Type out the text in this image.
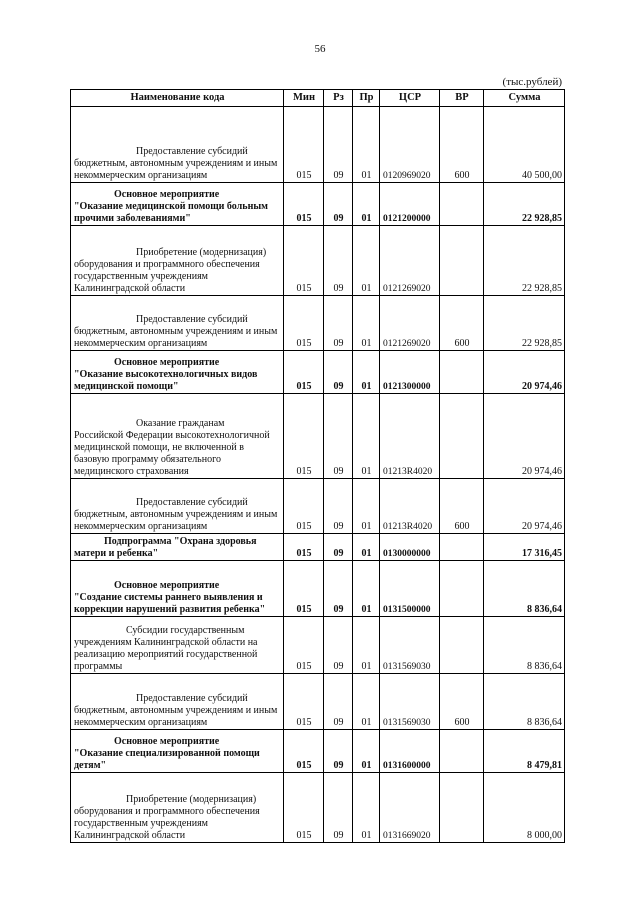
56
(тыс.рублей)
Наименование кода	Мин	Рз	Пр	ЦСР	ВР	Сумма

Предоставление субсидий
бюджетным, автономным учреждениям и иным некоммерческим организациям	015	09	01	0120969020	600	40 500,00

Основное мероприятие
"Оказание медицинской помощи больным прочими заболеваниями"	015	09	01	0121200000		22 928,85

Приобретение (модернизация)
оборудования и программного обеспечения государственным учреждениям Калининградской области	015	09	01	0121269020		22 928,85

Предоставление субсидий
бюджетным, автономным учреждениям и иным некоммерческим организациям	015	09	01	0121269020	600	22 928,85

Основное мероприятие
"Оказание высокотехнологичных видов медицинской помощи"	015	09	01	0121300000		20 974,46

Оказание гражданам
Российской Федерации высокотехнологичной медицинской помощи, не включенной в базовую программу обязательного медицинского страхования	015	09	01	01213R4020		20 974,46

Предоставление субсидий
бюджетным, автономным учреждениям и иным некоммерческим организациям	015	09	01	01213R4020	600	20 974,46

Подпрограмма "Охрана здоровья
матери и ребенка"	015	09	01	0130000000		17 316,45

Основное мероприятие
"Создание системы раннего выявления и коррекции нарушений развития ребенка"	015	09	01	0131500000		8 836,64

Субсидии государственным
учреждениям Калининградской области на реализацию мероприятий государственной программы	015	09	01	0131569030		8 836,64

Предоставление субсидий
бюджетным, автономным учреждениям и иным некоммерческим организациям	015	09	01	0131569030	600	8 836,64

Основное мероприятие
"Оказание специализированной помощи детям"	015	09	01	0131600000		8 479,81

Приобретение (модернизация)
оборудования и программного обеспечения государственным учреждениям Калининградской области	015	09	01	0131669020		8 000,00
